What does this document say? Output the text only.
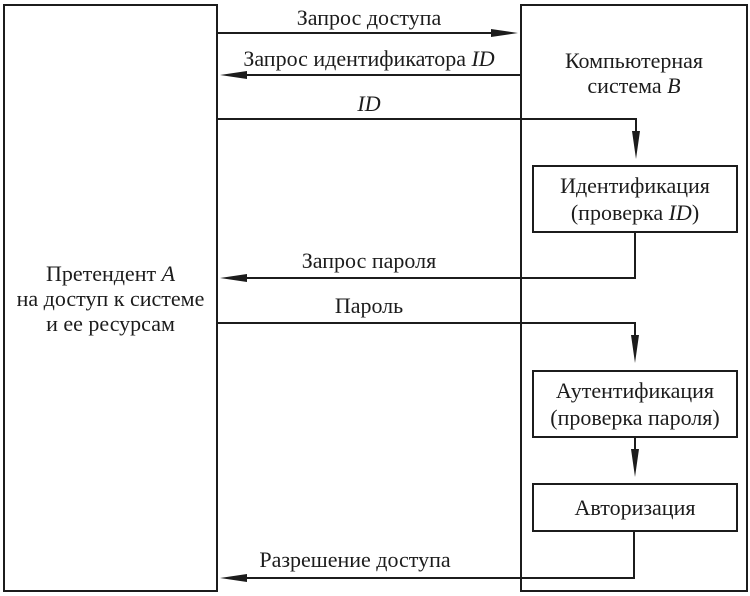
Претендент А
на доступ к системе
и ее ресурсам
Компьютерная
система В
Идентификация
(проверка ID)
Аутентификация
(проверка пароля)
Авторизация
Запрос доступа
Запрос идентификатора ID
ID
Запрос пароля
Пароль
Разрешение доступа
